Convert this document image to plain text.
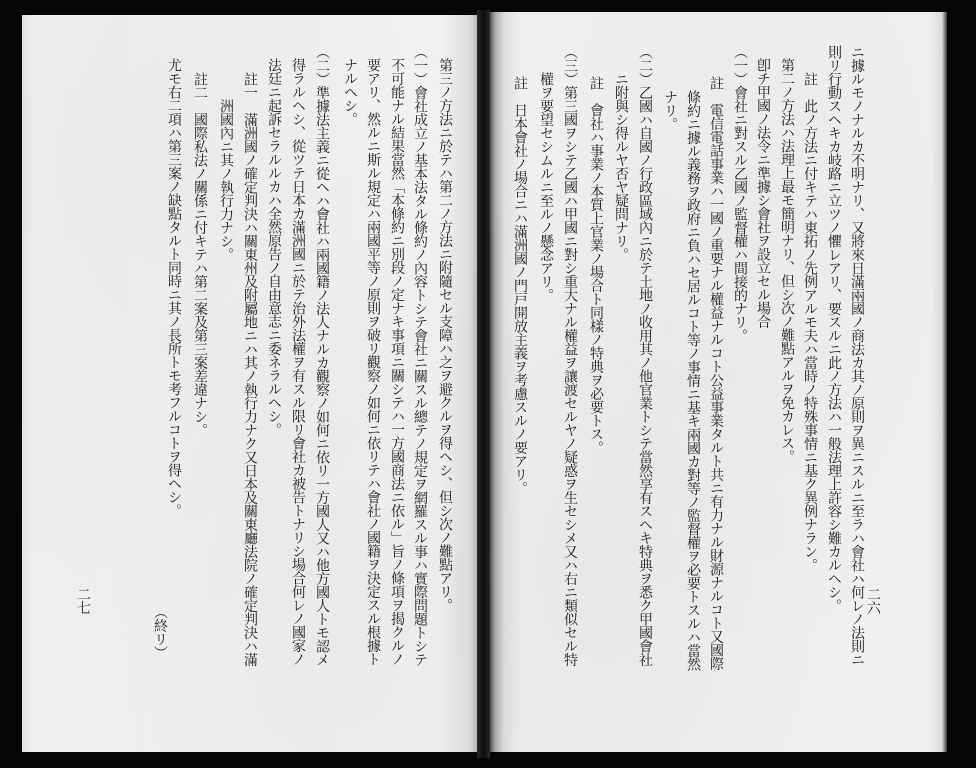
第三ノ方法ニ於テハ第二ノ方法ニ附隨セル支障ハ之ヲ避クルヲ得ヘシ、但シ次ノ難點アリ。
（一）會社成立ノ基本法タル條約ノ內容トシテ會社ニ關スル總テノ規定ヲ網羅スル事ハ實際問題トシテ
不可能ナル結果當然「本條約ニ別段ノ定ナキ事項ニ關シテハ一方國商法ニ依ル」旨ノ條項ヲ揭クルノ
要アリ、然ルニ斯ル規定ハ兩國平等ノ原則ヲ破リ觀察ノ如何ニ依リテハ會社ノ國籍ヲ決定スル根據ト
ナルヘシ。
（二）準據法主義ニ從ヘハ會社ハ兩國籍ノ法人ナルカ觀察ノ如何ニ依リ一方國人又ハ他方國人トモ認メ
得ラルヘシ、從ツテ日本カ滿洲國ニ於テ治外法權ヲ有スル限リ會社カ被告トナリシ場合何レノ國家ノ
法廷ニ起訴セラルルカハ全然原告ノ自由意志ニ委ネラルヘシ。
註一　滿洲國ノ確定判決ハ關東州及附屬地ニハ其ノ執行力ナク又日本及關東廳法院ノ確定判決ハ滿
洲國內ニ其ノ執行力ナシ。
註二　國際私法ノ關係ニ付キテハ第二案及第三案差違ナシ。
尤モ右二項ハ第三案ノ缺點タルト同時ニ其ノ長所トモ考フルコトヲ得ヘシ。
（終リ）
二七	二六
ニ據ルモノナルカ不明ナリ、又將來日滿兩國ノ商法カ其ノ原則ヲ異ニスルニ至ラハ會社ハ何レノ法則ニ
則リ行動スヘキカ岐路ニ立ツノ懼レアリ、要スルニ此ノ方法ハ一般法理上許容シ難カルヘシ。
註　此ノ方法ニ付キテハ東拓ノ先例アルモ夫ハ當時ノ特殊事情ニ基ク異例ナラン。
第二ノ方法ハ法理上最モ簡明ナリ、但シ次ノ難點アルヲ免カレス。
卽チ甲國ノ法令ニ準據シ會社ヲ設立セル場合
（一）會社ニ對スル乙國ノ監督權ハ間接的ナリ。
註　電信電話事業ハ一國ノ重要ナル權益ナルコト公益事業タルト共ニ有力ナル財源ナルコト又國際
條約ニ據ル義務ヲ政府ニ負ハセ居ルコト等ノ事情ニ基キ兩國カ對等ノ監督權ヲ必要トスルハ當然
ナリ。
（二）乙國ハ自國ノ行政區域內ニ於テ土地ノ收用其ノ他官業トシテ當然享有スヘキ特典ヲ悉ク甲國會社
ニ附與シ得ルヤ否ヤ疑問ナリ。
註　會社ハ事業ノ本質上官業ノ場合ト同樣ノ特典ヲ必要トス。
（三）第三國ヲシテ乙國ハ甲國ニ對シ重大ナル權益ヲ讓渡セルヤノ疑惑ヲ生セシメ又ハ右ニ類似セル特
權ヲ要望セシムルニ至ルノ懸念アリ。
註　日本會社ノ場合ニハ滿洲國ノ門戸開放主義ヲ考慮スルノ要アリ。
